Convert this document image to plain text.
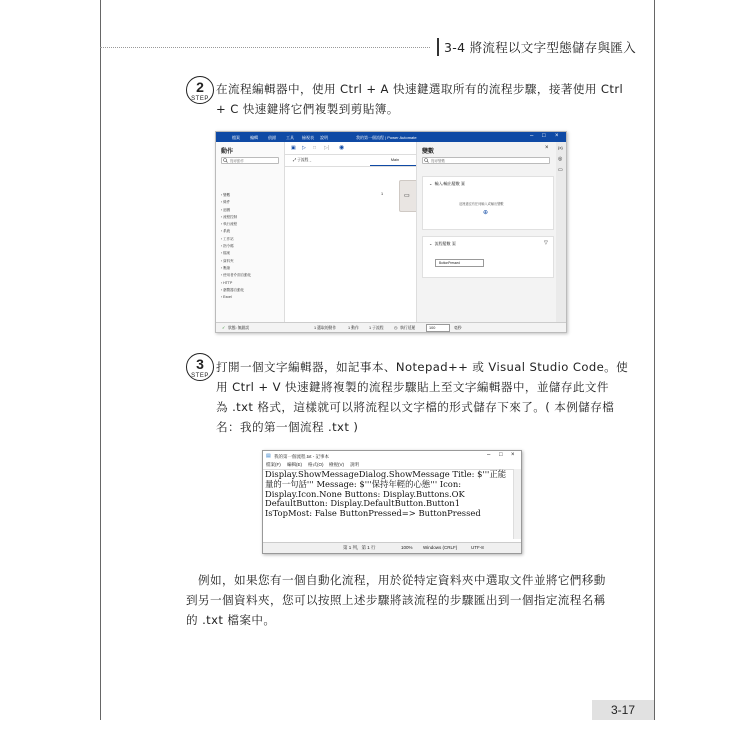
3-4 將流程以文字型態儲存與匯入
2
STEP
在流程編輯器中，使用 Ctrl + A 快速鍵選取所有的流程步驟，接著使用 Ctrl
+ C 快速鍵將它們複製到剪貼簿。
檔案	編輯	偵錯	工具 檢視表 說明	我的第一個流程 | Power Automate	– □ ×
動作
搜尋動作
› 變數
› 條件
› 迴圈
› 流程控制
› 執行流程
› 系統
› 工作站
› 指令碼
› 檔案
› 資料夾
› 壓縮
› 使用者介面自動化
› HTTP
› 瀏覽器自動化
› Excel
▣ ▷ □ ▷| ◉
⤢ 子流程 ⌄	Main
1	▭
變數
×
搜尋變數
⌄  輸入/輸出變數 0
這裡還沒有任何輸入或輸出變數
⊕
⌄  流程變數 1	▽
ButtonPressed
{x}
◎
▭
✓ 狀態: 無錯誤	1 選取的動作	1 動作	1 子流程	◷ 執行延遲	100	毫秒
3
STEP
打開一個文字編輯器，如記事本、Notepad++ 或 Visual Studio Code。使
用 Ctrl + V 快速鍵將複製的流程步驟貼上至文字編輯器中，並儲存此文件
為 .txt 格式，這樣就可以將流程以文字檔的形式儲存下來了。( 本例儲存檔
名：我的第一個流程 .txt )
▤ 我的第一個流程.txt - 記事本	– □ ×
檔案(F) 編輯(E) 格式(O) 檢視(V) 說明
Display.ShowMessageDialog.ShowMessage Title: $'''正能
量的一句話''' Message: $'''保持年輕的心態''' Icon:
Display.Icon.None Buttons: Display.Buttons.OK
DefaultButton: Display.DefaultButton.Button1
IsTopMost: False ButtonPressed=> ButtonPressed
第 1 列，第 1 行	100% Windows (CRLF)	UTF-8
例如，如果您有一個自動化流程，用於從特定資料夾中選取文件並將它們移動
到另一個資料夾，您可以按照上述步驟將該流程的步驟匯出到一個指定流程名稱
的 .txt 檔案中。
3-17
